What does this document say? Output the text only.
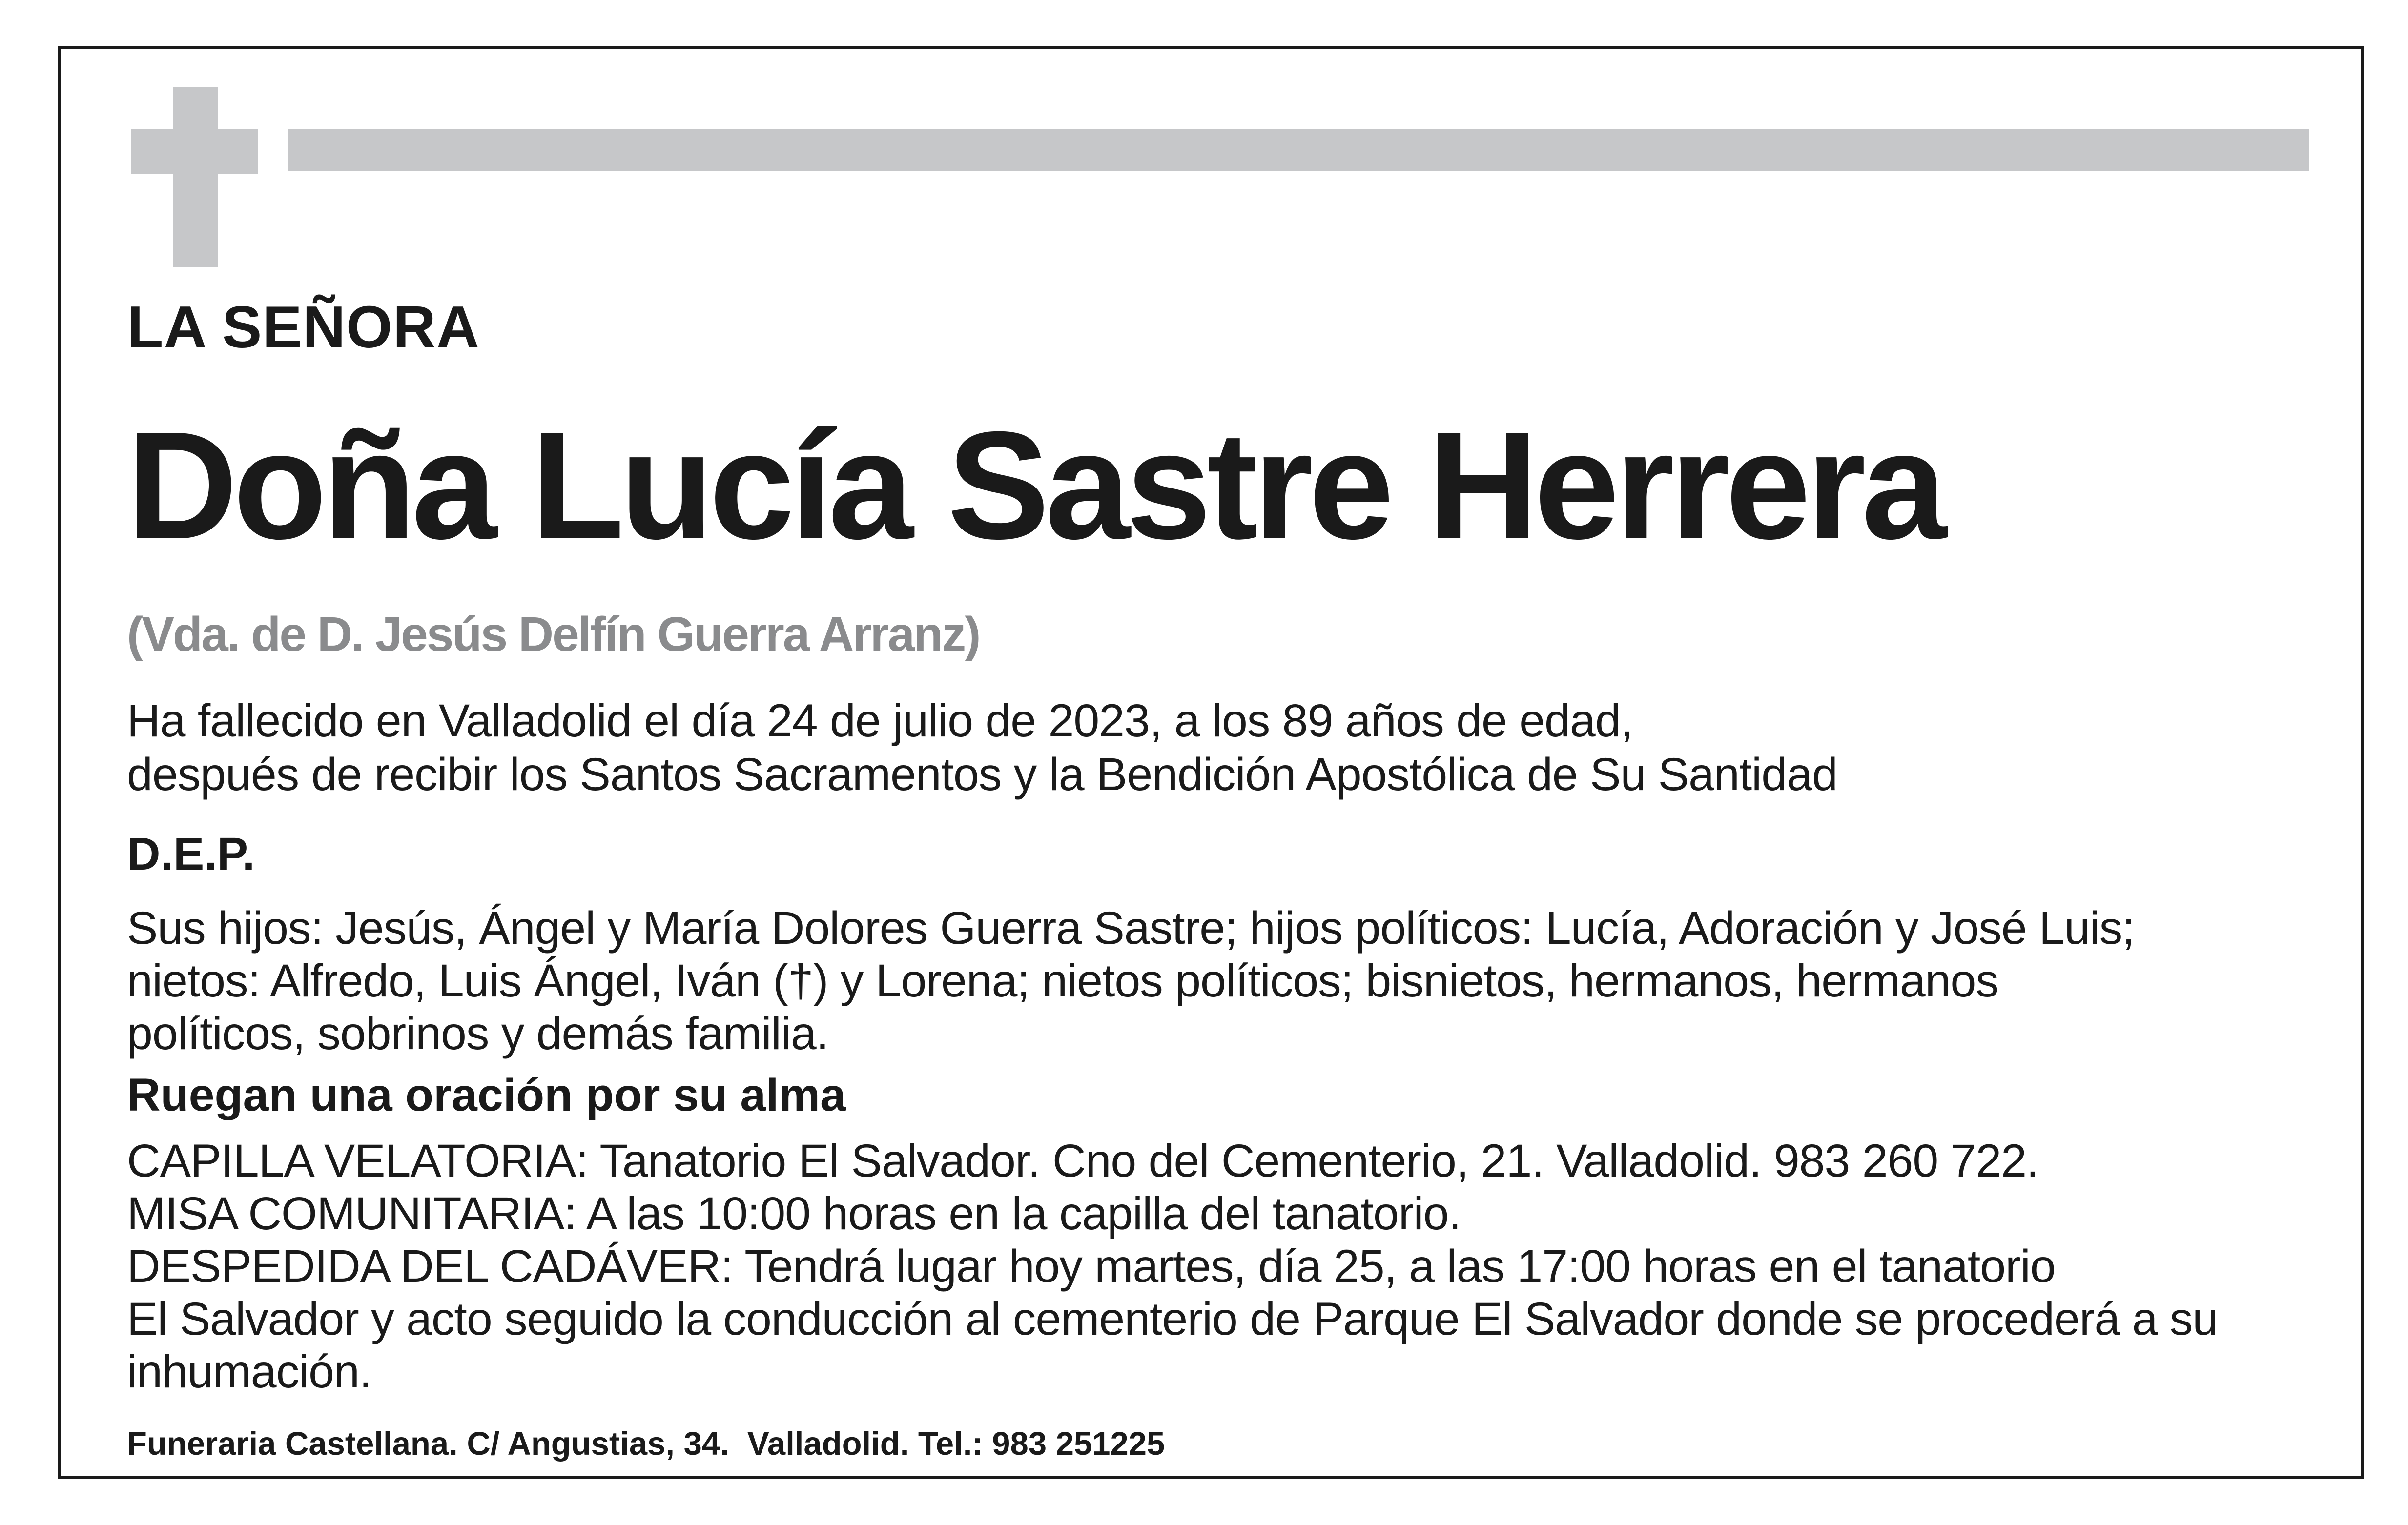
LA SEÑORA

Doña Lucía Sastre Herrera

(Vda. de D. Jesús Delfín Guerra Arranz)

Ha fallecido en Valladolid el día 24 de julio de 2023, a los 89 años de edad,

después de recibir los Santos Sacramentos y la Bendición Apostólica de Su Santidad

D.E.P.

Sus hijos: Jesús, Ángel y María Dolores Guerra Sastre; hijos políticos: Lucía, Adoración y José Luis;

nietos: Alfredo, Luis Ángel, Iván (†) y Lorena; nietos políticos; bisnietos, hermanos, hermanos

políticos, sobrinos y demás familia.

Ruegan una oración por su alma

CAPILLA VELATORIA: Tanatorio El Salvador. Cno del Cementerio, 21. Valladolid. 983 260 722.

MISA COMUNITARIA: A las 10:00 horas en la capilla del tanatorio.

DESPEDIDA DEL CADÁVER: Tendrá lugar hoy martes, día 25, a las 17:00 horas en el tanatorio

El Salvador y acto seguido la conducción al cementerio de Parque El Salvador donde se procederá a su

inhumación.

Funeraria Castellana. C/ Angustias, 34.  Valladolid. Tel.: 983 251225
